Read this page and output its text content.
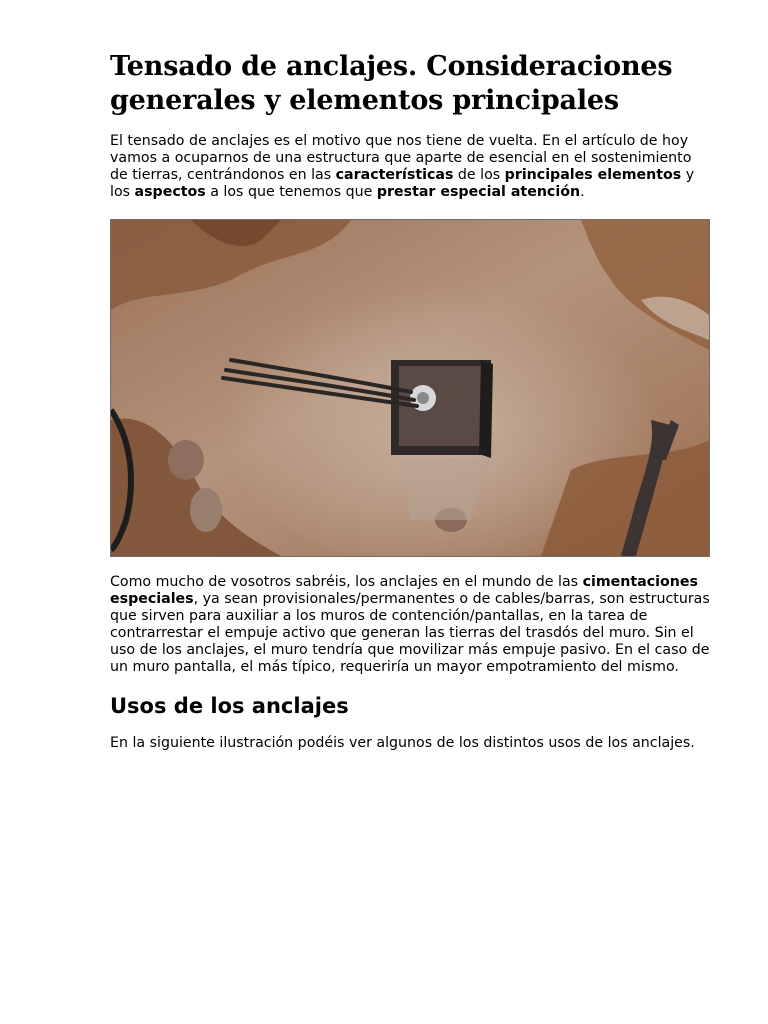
Tensado de anclajes. Consideraciones generales y elementos principales

El tensado de anclajes es el motivo que nos tiene de vuelta. En el artículo de hoy vamos a ocuparnos de una estructura que aparte de esencial en el sostenimiento de tierras, centrándonos en las características de los principales elementos y los aspectos a los que tenemos que prestar especial atención.

Como mucho de vosotros sabréis, los anclajes en el mundo de las cimentaciones especiales, ya sean provisionales/permanentes o de cables/barras, son estructuras que sirven para auxiliar a los muros de contención/pantallas, en la tarea de contrarrestar el empuje activo que generan las tierras del trasdós del muro. Sin el uso de los anclajes, el muro tendría que movilizar más empuje pasivo. En el caso de un muro pantalla, el más típico, requeriría un mayor empotramiento del mismo.

Usos de los anclajes

En la siguiente ilustración podéis ver algunos de los distintos usos de los anclajes.
